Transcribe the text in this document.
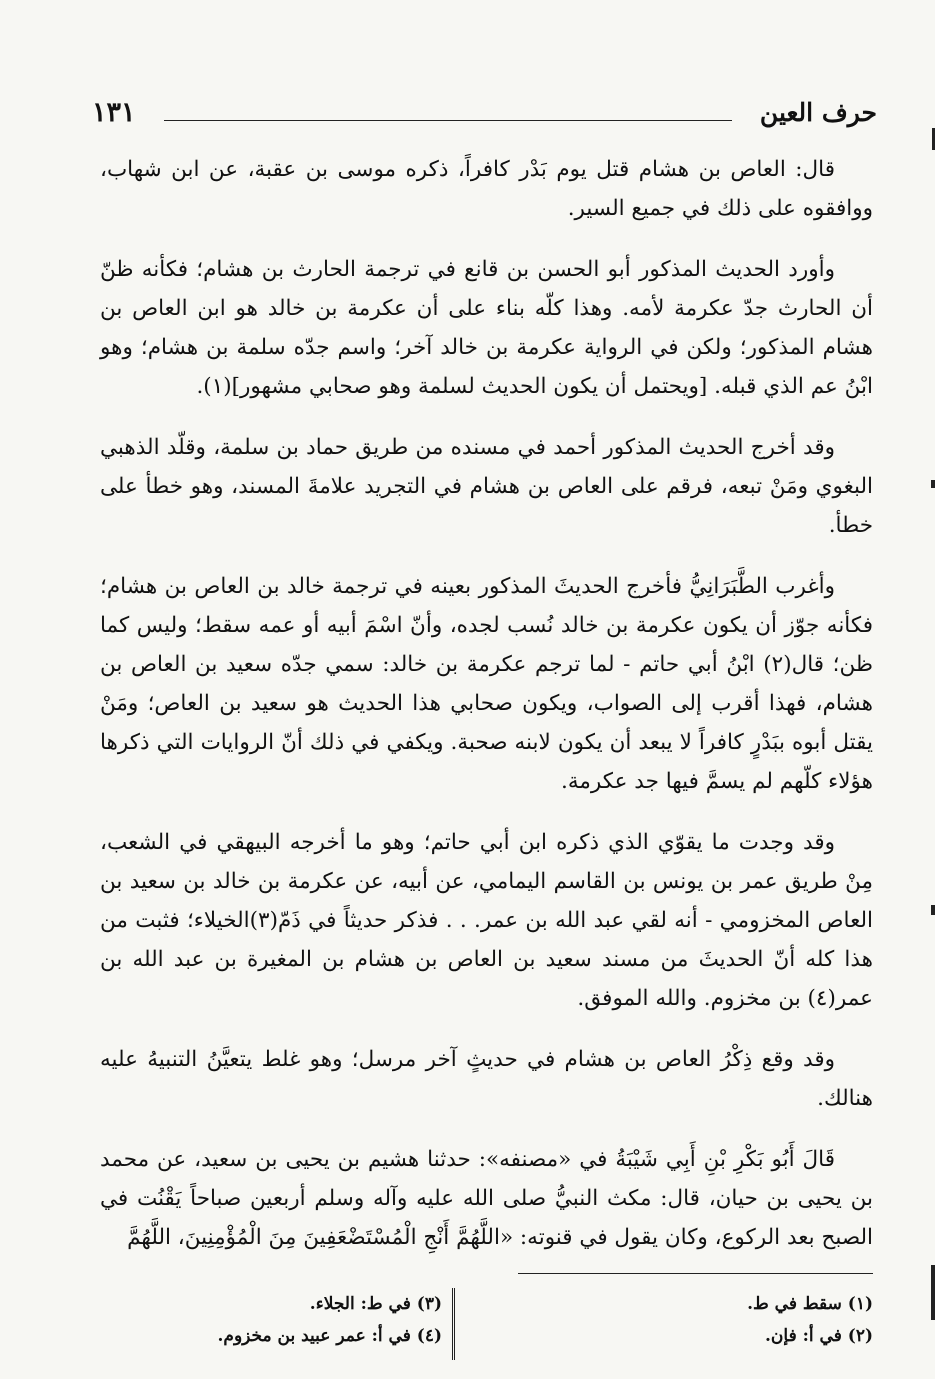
حرف العين
١٣١

قال: العاص بن هشام قتل يوم بَدْر كافراً، ذكره موسى بن عقبة، عن ابن شهاب، ووافقوه على ذلك في جميع السير.

وأورد الحديث المذكور أبو الحسن بن قانع في ترجمة الحارث بن هشام؛ فكأنه ظنّ أن الحارث جدّ عكرمة لأمه. وهذا كلّه بناء على أن عكرمة بن خالد هو ابن العاص بن هشام المذكور؛ ولكن في الرواية عكرمة بن خالد آخر؛ واسم جدّه سلمة بن هشام؛ وهو ابْنُ عم الذي قبله. [ويحتمل أن يكون الحديث لسلمة وهو صحابي مشهور](١).

وقد أخرج الحديث المذكور أحمد في مسنده من طريق حماد بن سلمة، وقلّد الذهبي البغوي ومَنْ تبعه، فرقم على العاص بن هشام في التجريد علامةَ المسند، وهو خطأ على خطأ.

وأغرب الطَّبَرَانِيُّ فأخرج الحديثَ المذكور بعينه في ترجمة خالد بن العاص بن هشام؛ فكأنه جوّز أن يكون عكرمة بن خالد نُسب لجده، وأنّ اسْمَ أبيه أو عمه سقط؛ وليس كما ظن؛ قال(٢) ابْنُ أبي حاتم - لما ترجم عكرمة بن خالد: سمي جدّه سعيد بن العاص بن هشام، فهذا أقرب إلى الصواب، ويكون صحابي هذا الحديث هو سعيد بن العاص؛ ومَنْ يقتل أبوه ببَدْرٍ كافراً لا يبعد أن يكون لابنه صحبة. ويكفي في ذلك أنّ الروايات التي ذكرها هؤلاء كلّهم لم يسمَّ فيها جد عكرمة.

وقد وجدت ما يقوّي الذي ذكره ابن أبي حاتم؛ وهو ما أخرجه البيهقي في الشعب، مِنْ طريق عمر بن يونس بن القاسم اليمامي، عن أبيه، عن عكرمة بن خالد بن سعيد بن العاص المخزومي - أنه لقي عبد الله بن عمر. . . فذكر حديثاً في ذَمّ(٣)الخيلاء؛ فثبت من هذا كله أنّ الحديثَ من مسند سعيد بن العاص بن هشام بن المغيرة بن عبد الله بن عمر(٤) بن مخزوم. والله الموفق.

وقد وقع ذِكْرُ العاص بن هشام في حديثٍ آخر مرسل؛ وهو غلط يتعيَّنُ التنبيهُ عليه هنالك.

قَالَ أَبُو بَكْرِ بْنِ أَبِي شَيْبَةُ في «مصنفه»: حدثنا هشيم بن يحيى بن سعيد، عن محمد بن يحيى بن حيان، قال: مكث النبيُّ صلى الله عليه وآله وسلم أربعين صباحاً يَقْنُت في الصبح بعد الركوع، وكان يقول في قنوته: «اللَّهُمَّ أَنْجِ الْمُسْتَضْعَفِينَ مِنَ الْمُؤْمِنِينَ، اللَّهُمَّ

(١) سقط في ط.
(٢) في أ: فإن.
(٣) في ط: الجلاء.
(٤) في أ: عمر عبيد بن مخزوم.
